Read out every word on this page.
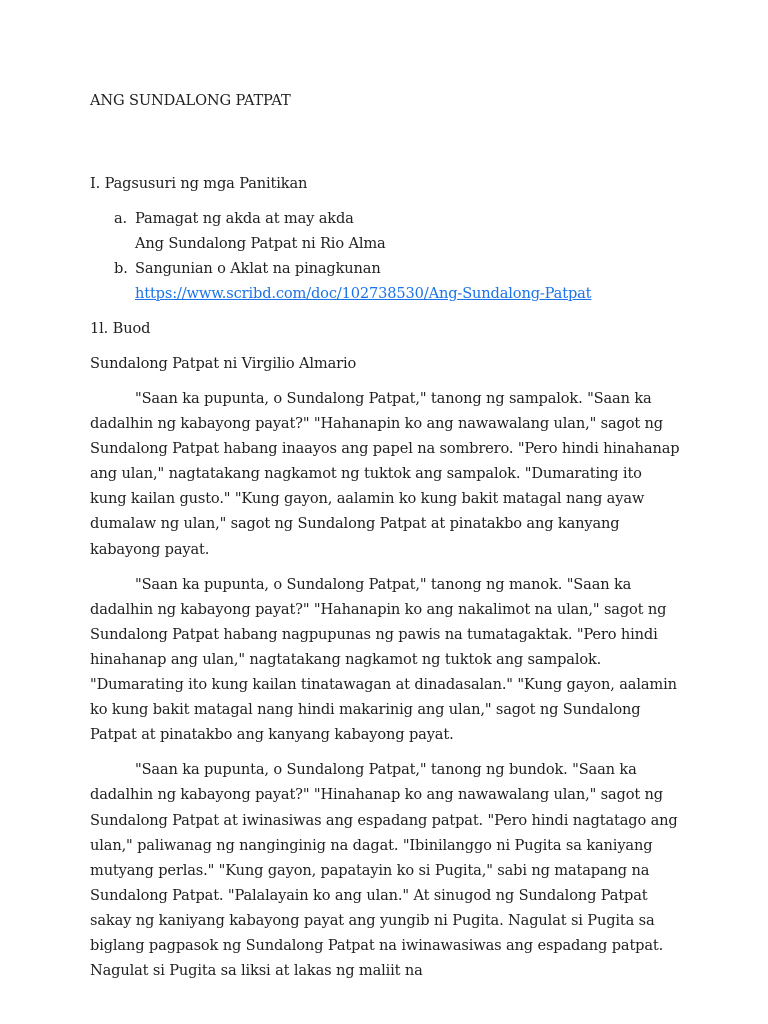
ANG SUNDALONG PATPAT
I. Pagsusuri ng mga Panitikan
a. Pamagat ng akda at may akda
Ang Sundalong Patpat ni Rio Alma
b. Sangunian o Aklat na pinagkunan
https://www.scribd.com/doc/102738530/Ang-Sundalong-Patpat
1l. Buod

Sundalong Patpat ni Virgilio Almario

"Saan ka pupunta, o Sundalong Patpat," tanong ng sampalok. "Saan ka dadalhin ng kabayong payat?" "Hahanapin ko ang nawawalang ulan," sagot ng Sundalong Patpat habang inaayos ang papel na sombrero. "Pero hindi hinahanap ang ulan," nagtatakang nagkamot ng tuktok ang sampalok. "Dumarating ito kung kailan gusto." "Kung gayon, aalamin ko kung bakit matagal nang ayaw dumalaw ng ulan," sagot ng Sundalong Patpat at pinatakbo ang kanyang kabayong payat.

"Saan ka pupunta, o Sundalong Patpat," tanong ng manok. "Saan ka dadalhin ng kabayong payat?" "Hahanapin ko ang nakalimot na ulan," sagot ng Sundalong Patpat habang nagpupunas ng pawis na tumatagaktak. "Pero hindi hinahanap ang ulan," nagtatakang nagkamot ng tuktok ang sampalok. "Dumarating ito kung kailan tinatawagan at dinadasalan." "Kung gayon, aalamin ko kung bakit matagal nang hindi makarinig ang ulan," sagot ng Sundalong Patpat at pinatakbo ang kanyang kabayong payat.

"Saan ka pupunta, o Sundalong Patpat," tanong ng bundok. "Saan ka dadalhin ng kabayong payat?" "Hinahanap ko ang nawawalang ulan," sagot ng Sundalong Patpat at iwinasiwas ang espadang patpat. "Pero hindi nagtatago ang ulan," paliwanag ng nanginginig na dagat. "Ibinilanggo ni Pugita sa kaniyang mutyang perlas." "Kung gayon, papatayin ko si Pugita," sabi ng matapang na Sundalong Patpat. "Palalayain ko ang ulan." At sinugod ng Sundalong Patpat sakay ng kaniyang kabayong payat ang yungib ni Pugita. Nagulat si Pugita sa biglang pagpasok ng Sundalong Patpat na iwinawasiwas ang espadang patpat. Nagulat si Pugita sa liksi at lakas ng maliit na
